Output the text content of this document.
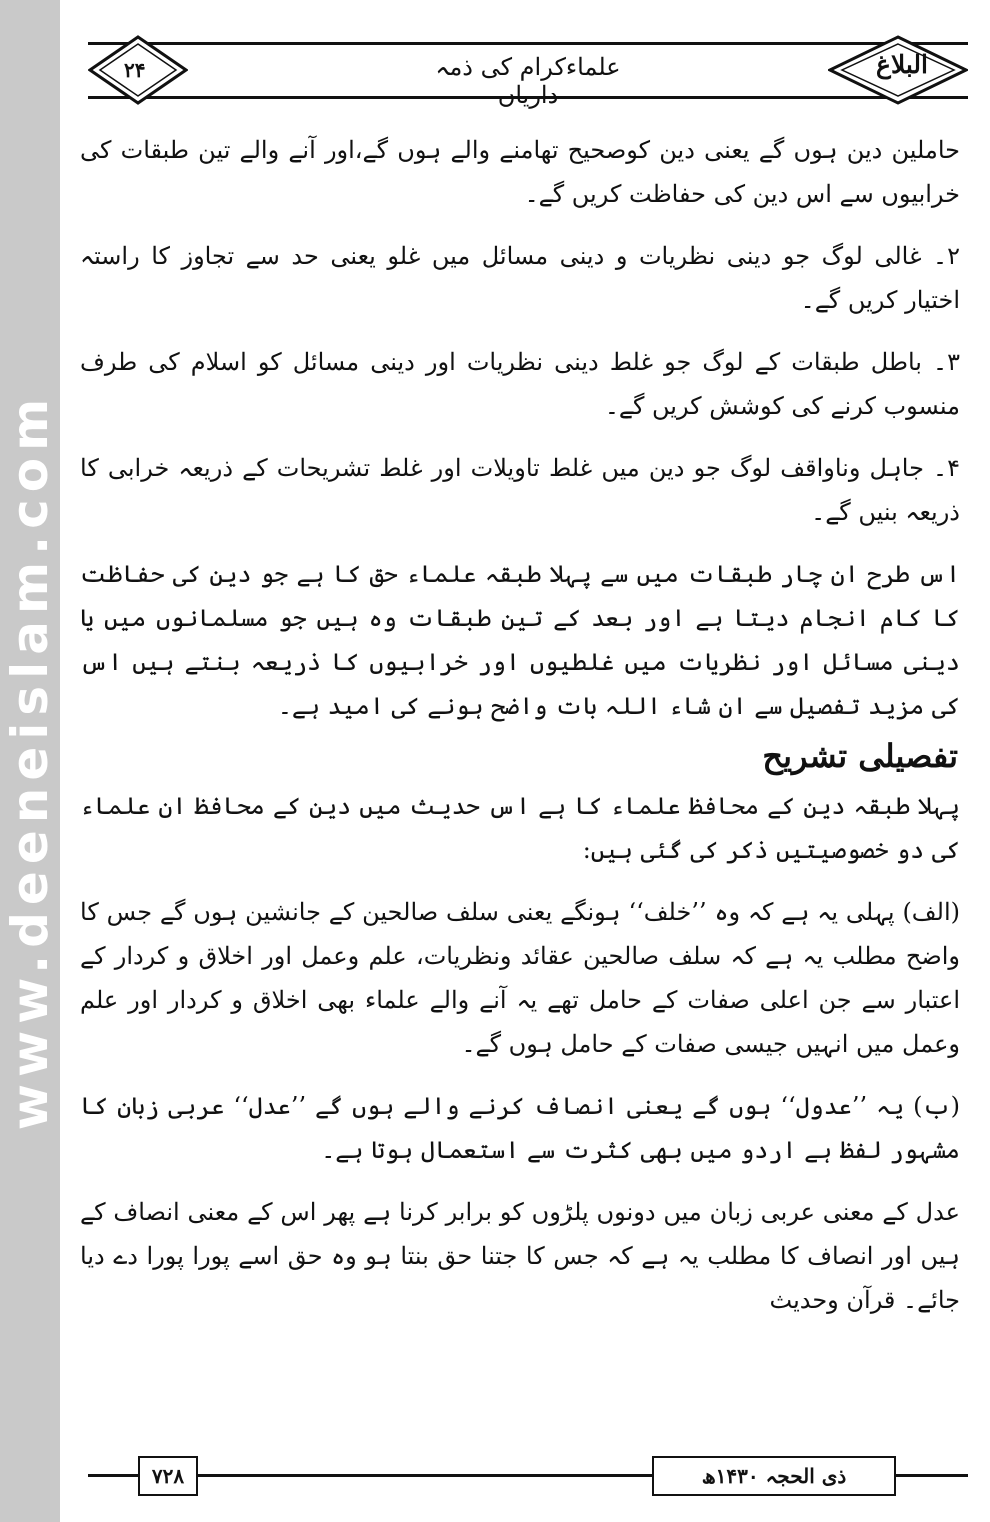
www.deeneislam.com
۲۴	علماءکرام کی ذمہ داریاں
البلاغ

حاملین دین ہوں گے یعنی دین کوصحیح تھامنے والے ہوں گے،اور آنے والے تین طبقات کی خرابیوں سے اس دین کی حفاظت کریں گے۔

۲۔ غالی لوگ جو دینی نظریات و دینی مسائل میں غلو یعنی حد سے تجاوز کا راستہ اختیار کریں گے۔

۳۔ باطل طبقات کے لوگ جو غلط دینی نظریات اور دینی مسائل کو اسلام کی طرف منسوب کرنے کی کوشش کریں گے۔

۴۔ جاہل وناواقف لوگ جو دین میں غلط تاویلات اور غلط تشریحات کے ذریعہ خرابی کا ذریعہ بنیں گے۔

اس طرح ان چار طبقات میں سے پہلا طبقہ علماء حق کا ہے جو دین کی حفاظت کا کام انجام دیتا ہے اور بعد کے تین طبقات وہ ہیں جو مسلمانوں میں یا دینی مسائل اور نظریات میں غلطیوں اور خرابیوں کا ذریعہ بنتے ہیں اس کی مزید تفصیل سے ان شاء اللہ بات واضح ہونے کی امید ہے۔

تفصیلی تشریح

پہلا طبقہ دین کے محافظ علماء کا ہے اس حدیث میں دین کے محافظ ان علماء کی دو خصوصیتیں ذکر کی گئی ہیں:

(الف) پہلی یہ ہے کہ وہ ’’خلف‘‘ ہونگے یعنی سلف صالحین کے جانشین ہوں گے جس کا واضح مطلب یہ ہے کہ سلف صالحین عقائد ونظریات، علم وعمل اور اخلاق و کردار کے اعتبار سے جن اعلی صفات کے حامل تھے یہ آنے والے علماء بھی اخلاق و کردار اور علم وعمل میں انہیں جیسی صفات کے حامل ہوں گے۔

(ب) یہ ’’عدول‘‘ ہوں گے یعنی انصاف کرنے والے ہوں گے ’’عدل‘‘ عربی زبان کا مشہور لفظ ہے اردو میں بھی کثرت سے استعمال ہوتا ہے۔

عدل کے معنی عربی زبان میں دونوں پلڑوں کو برابر کرنا ہے پھر اس کے معنی انصاف کے ہیں اور انصاف کا مطلب یہ ہے کہ جس کا جتنا حق بنتا ہو وہ حق اسے پورا پورا دے دیا جائے۔ قرآن وحدیث

۷۲۸	ذی الحجہ ۱۴۳۰ھ
